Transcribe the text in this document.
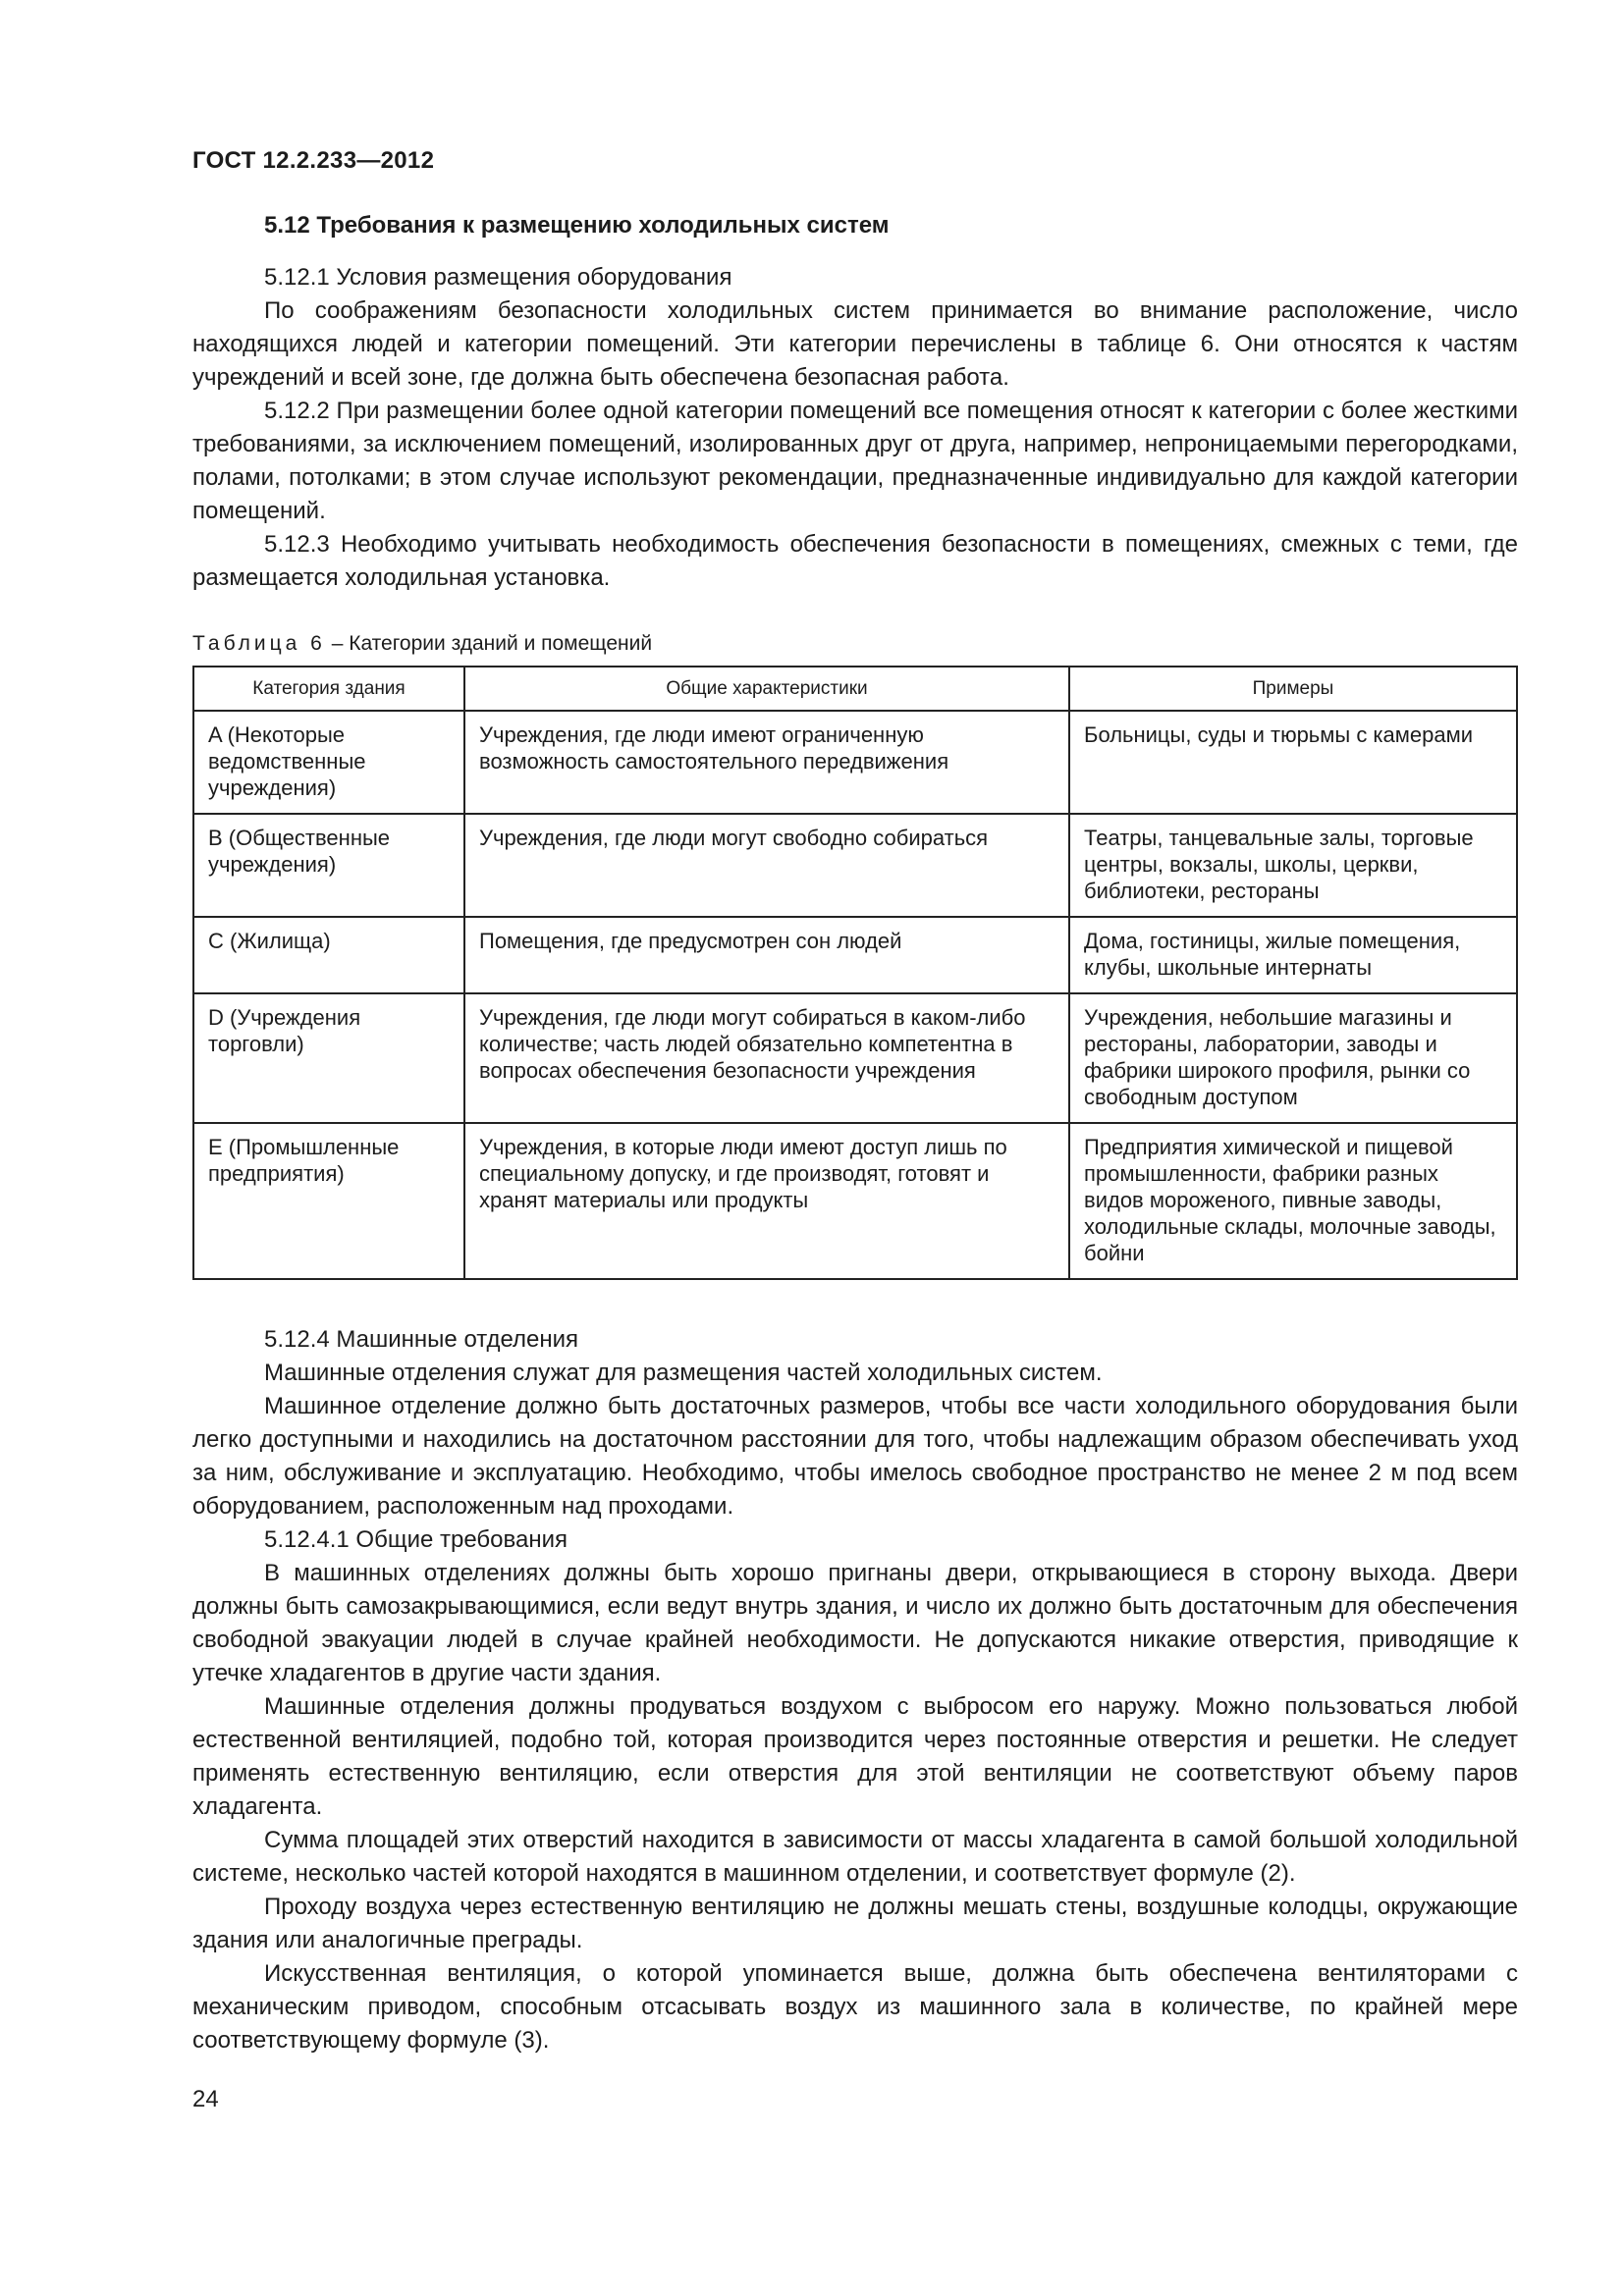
ГОСТ 12.2.233—2012
5.12 Требования к размещению холодильных систем

5.12.1 Условия размещения оборудования

По соображениям безопасности холодильных систем принимается во внимание расположение, число находящихся людей и категории помещений. Эти категории перечислены в таблице 6. Они относятся к частям учреждений и всей зоне, где должна быть обеспечена безопасная работа.

5.12.2 При размещении более одной категории помещений все помещения относят к категории с более жесткими требованиями, за исключением помещений, изолированных друг от друга, например, непроницаемыми перегородками, полами, потолками; в этом случае используют рекомендации, предназначенные индивидуально для каждой категории помещений.

5.12.3 Необходимо учитывать необходимость обеспечения безопасности в помещениях, смежных с теми, где размещается холодильная установка.

Таблица 6 – Категории зданий и помещений
Категория здания	Общие характеристики	Примеры
A (Некоторые ведомственные учреждения)	Учреждения, где люди имеют ограниченную возможность самостоятельного передвижения	Больницы, суды и тюрьмы с камерами
B (Общественные учреждения)	Учреждения, где люди могут свободно собираться	Театры, танцевальные залы, торговые центры, вокзалы, школы, церкви, библиотеки, рестораны
C (Жилища)	Помещения, где предусмотрен сон людей	Дома, гостиницы, жилые помещения, клубы, школьные интернаты
D (Учреждения торговли)	Учреждения, где люди могут собираться в каком-либо количестве; часть людей обязательно компетентна в вопросах обеспечения безопасности учреждения	Учреждения, небольшие магазины и рестораны, лаборатории, заводы и фабрики широкого профиля, рынки со свободным доступом
E (Промышленные предприятия)	Учреждения, в которые люди имеют доступ лишь по специальному допуску, и где производят, готовят и хранят материалы или продукты	Предприятия химической и пищевой промышленности, фабрики разных видов мороженого, пивные заводы, холодильные склады, молочные заводы, бойни

5.12.4 Машинные отделения

Машинные отделения служат для размещения частей холодильных систем.

Машинное отделение должно быть достаточных размеров, чтобы все части холодильного оборудования были легко доступными и находились на достаточном расстоянии для того, чтобы надлежащим образом обеспечивать уход за ним, обслуживание и эксплуатацию. Необходимо, чтобы имелось свободное пространство не менее 2 м под всем оборудованием, расположенным над проходами.

5.12.4.1 Общие требования

В машинных отделениях должны быть хорошо пригнаны двери, открывающиеся в сторону выхода. Двери должны быть самозакрывающимися, если ведут внутрь здания, и число их должно быть достаточным для обеспечения свободной эвакуации людей в случае крайней необходимости. Не допускаются никакие отверстия, приводящие к утечке хладагентов в другие части здания.

Машинные отделения должны продуваться воздухом с выбросом его наружу. Можно пользоваться любой естественной вентиляцией, подобно той, которая производится через постоянные отверстия и решетки. Не следует применять естественную вентиляцию, если отверстия для этой вентиляции не соответствуют объему паров хладагента.

Сумма площадей этих отверстий находится в зависимости от массы хладагента в самой большой холодильной системе, несколько частей которой находятся в машинном отделении, и соответствует формуле (2).

Проходу воздуха через естественную вентиляцию не должны мешать стены, воздушные колодцы, окружающие здания или аналогичные преграды.

Искусственная вентиляция, о которой упоминается выше, должна быть обеспечена вентиляторами с механическим приводом, способным отсасывать воздух из машинного зала в количестве, по крайней мере соответствующему формуле (3).

24
